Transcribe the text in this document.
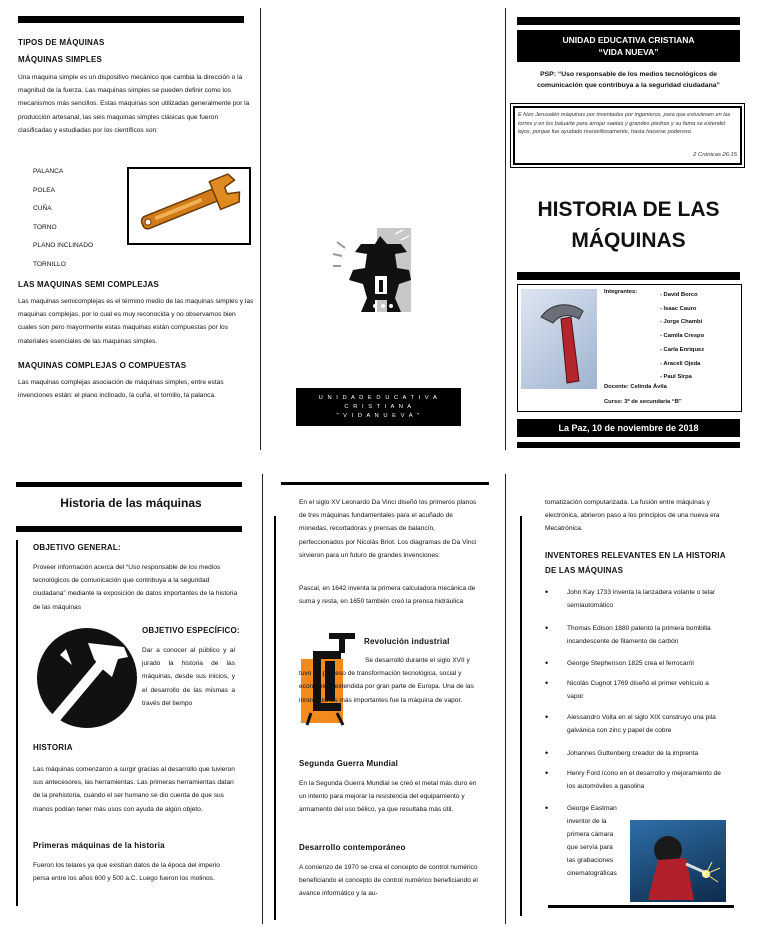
TIPOS DE MÁQUINAS
MÁQUINAS SIMPLES
Una maquina simple es un dispositivo mecánico que cambia la dirección o la magnitud de la fuerza. Las maquinas simples se pueden definir como los mecanismos más sencillos. Estas maquinas son utilizadas generalmente por la producción artesanal, las seis maquinas simples clásicas que fueron clasificadas y estudiadas por los científicos son:
PALANCA
POLEA
CUÑA
TORNO
PLANO INCLINADO
TORNILLO
LAS MAQUINAS SEMI COMPLEJAS
Las maquinas semicomplejas es el término medio de las maquinas simples y las maquinas complejas, por lo cual es muy reconocida y no observamos bien cuales son pero mayormente estas maquinas están compuestas por los materiales esenciales de las maquinas simples.
MAQUINAS COMPLEJAS O COMPUESTAS
Las maquinas complejas asociación de máquinas simples, entre estas invenciones están: el plano inclinado, la cuña, el tornillo, la palanca.	U N I D A D E D U C A T I V A
C R I S T I A N A
" V I D A N U E V A "
UNIDAD EDUCATIVA CRISTIANA
“VIDA NUEVA”
PSP: “Uso responsable de los medios tecnológicos de comunicación que contribuya a la seguridad ciudadana”
E hizo Jerusalén máquinas por inventadas por ingenieros, para que estuviesen en las torres y en los baluarte para arrojar saetas y grandes piedras y su fama se extendió lejos, porque fue ayudado maravillosamente, hasta hacerse poderoso
2 Crónicas 26:15
HISTORIA DE LAS
MÁQUINAS
Integrantes:	- David Borco
- Isaac Cauro
- Jorge Chambi
- Camila Crespo
- Carla Enriquez
- Araceli Ojeda
- Paul Sirpa
Docente: Celinda Ávila
Curso: 3º de secundaria “B”
La Paz, 10 de noviembre de 2018
Historia de las máquinas
OBJETIVO GENERAL:
Proveer información acerca del “Uso responsable de los medios tecnológicos de comunicación que contribuya a la seguridad ciudadana” mediante la exposición de datos importantes de la historia de las máquinas
OBJETIVO ESPECÍFICO:
Dar a conocer al público y al jurado la historia de las máquinas, desde sus inicios, y el desarrollo de las mismas a través del tiempo
HISTORIA
Las máquinas comenzaron a surgir gracias al desarrollo que tuvieron sus antecesores, las herramientas. Las primeras herramientas datan de la prehistoria, cuando el ser humano se dio cuenta de que sus manos podían tener más usos con ayuda de algún objeto.
Primeras máquinas de la historia
Fueron los telares ya que existían datos de la época del imperio persa entre los años 600 y 500 a.C. Luego fueron los molinos.
En el siglo XV Leonardo Da Vinci diseñó los primeros planos de tres máquinas fundamentales para el acuñado de monedas, recortadoras y prensas de balancín, perfeccionados por Nicolás Briot. Los diagramas de Da Vinci sirvieron para un futuro de grandes invenciones:
Pascal, en 1642 inventa la primera calculadora mecánica de suma y resta, en 1650 también creó la prensa hidráulica
Revolución industrial
Se desarrolló durante el siglo XVII y tuvo un proceso de transformación tecnológica, social y económica, extendida por gran parte de Europa. Una de las innovaciones más importantes fue la máquina de vapor.
Segunda Guerra Mundial
En la Segunda Guerra Mundial se creó el metal más duro en un intento para mejorar la resistencia del equipamiento y armamento del uso bélico, ya que resultaba más útil.
Desarrollo contemporáneo
A comienzo de 1970 se crea el concepto de control numérico beneficiando el concepto de control numérico beneficiando el avance informático y la au-
tomatización computarizada. La fusión entre máquinas y electrónica, abrieron paso a los principios de una nueva era Mecatrónica.
INVENTORES RELEVANTES EN LA HISTORIA DE LAS MÁQUINAS
•	John Kay 1733 inventa la lanzadera volante o telar semiautomático
•	Thomas Edison 1880 patentó la primera bombilla incandescente de filamento de carbón
•	George Stephenson 1825 crea el ferrocarril
•	Nicolás Cugnot 1769 diseñó el primer vehículo a vapor
•	Alessandro Volta en el siglo XIX construyo una pila galvánica con zinc y papel de cobre
•	Johannes Guttenberg creador de la imprenta
•	Henry Ford ícono en el desarrollo y mejoramiento de los automóviles a gasolina
•	George Eastman inventor de la primera cámara que servía para las grabaciones cinematográficas
